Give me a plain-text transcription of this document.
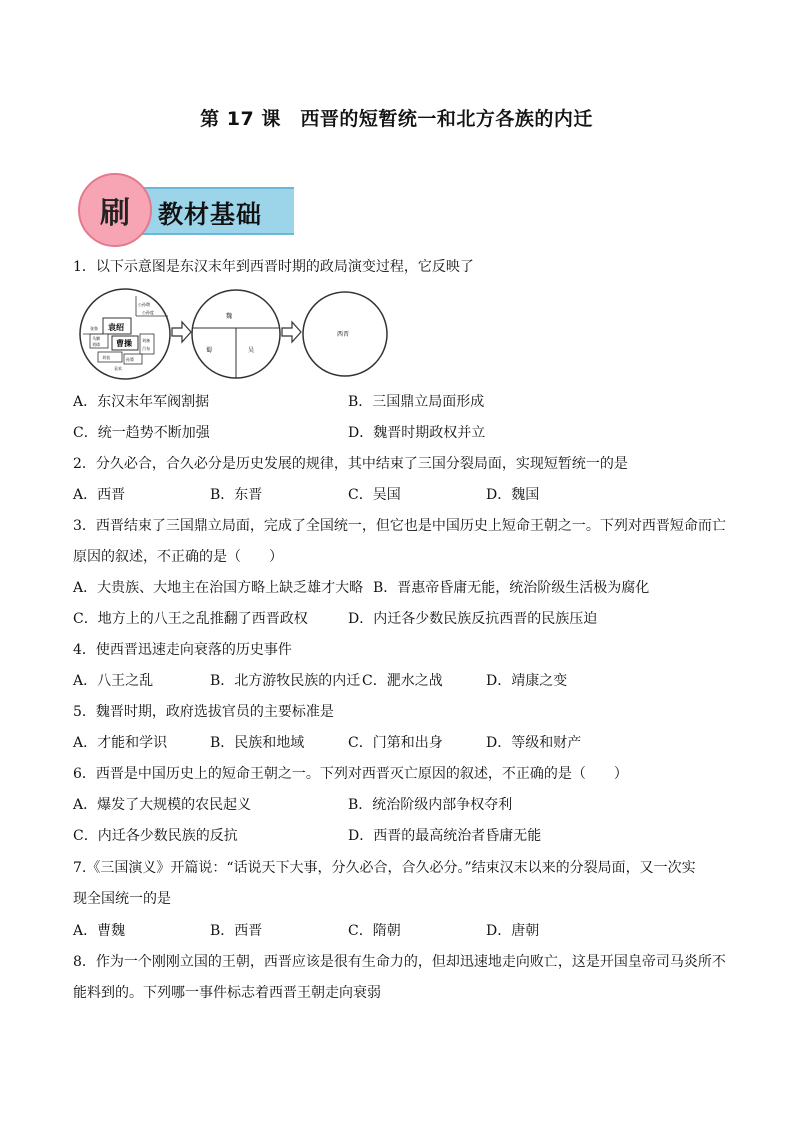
第 17 课　西晋的短暂统一和北方各族的内迁
刷	教材基础
1．以下示意图是东汉末年到西晋时期的政局演变过程，它反映了
袁绍
曹操
公孙瓒
公孙度
马腾
刘表	孙策
刘备
刘璋
吕布
袁术
张鲁
魏
蜀	吴
西晋
A．东汉末年军阀割据	B．三国鼎立局面形成
C．统一趋势不断加强	D．魏晋时期政权并立
2．分久必合，合久必分是历史发展的规律，其中结束了三国分裂局面，实现短暂统一的是
A．西晋	B．东晋	C．吴国	D．魏国
3．西晋结束了三国鼎立局面，完成了全国统一，但它也是中国历史上短命王朝之一。下列对西晋短命而亡
原因的叙述，不正确的是（　　）
A．大贵族、大地主在治国方略上缺乏雄才大略 B．晋惠帝昏庸无能，统治阶级生活极为腐化
C．地方上的八王之乱推翻了西晋政权	D．内迁各少数民族反抗西晋的民族压迫
4．使西晋迅速走向衰落的历史事件
A．八王之乱	B．北方游牧民族的内迁 C．淝水之战	D．靖康之变
5．魏晋时期，政府选拔官员的主要标准是
A．才能和学识	B．民族和地域	C．门第和出身	D．等级和财产
6．西晋是中国历史上的短命王朝之一。下列对西晋灭亡原因的叙述，不正确的是（　　）
A．爆发了大规模的农民起义	B．统治阶级内部争权夺利
C．内迁各少数民族的反抗	D．西晋的最高统治者昏庸无能
7.《三国演义》开篇说：“话说天下大事，分久必合，合久必分。”结束汉末以来的分裂局面，又一次实
现全国统一的是
A．曹魏	B．西晋	C．隋朝	D．唐朝
8．作为一个刚刚立国的王朝，西晋应该是很有生命力的，但却迅速地走向败亡，这是开国皇帝司马炎所不
能料到的。下列哪一事件标志着西晋王朝走向衰弱
